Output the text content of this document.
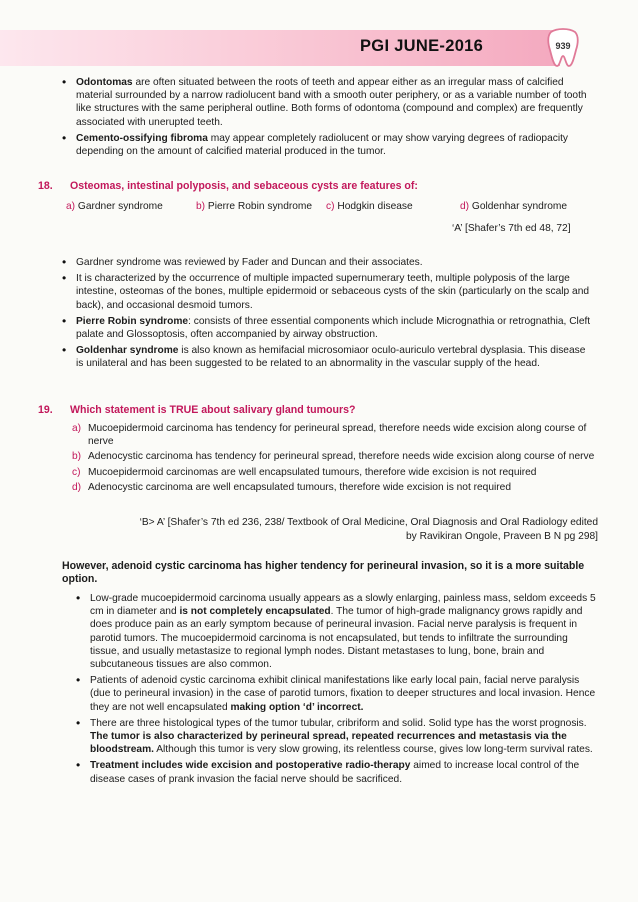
PGI JUNE-2016	939
• Odontomas are often situated between the roots of teeth and appear either as an irregular mass of calcified material surrounded by a narrow radiolucent band with a smooth outer periphery, or as a variable number of tooth like structures with the same peripheral outline. Both forms of odontoma (compound and complex) are frequently associated with unerupted teeth.
• Cemento-ossifying fibroma may appear completely radiolucent or may show varying degrees of radiopacity depending on the amount of calcified material produced in the tumor.
18. Osteomas, intestinal polyposis, and sebaceous cysts are features of:
a) Gardner syndrome	b) Pierre Robin syndrome c) Hodgkin disease	d) Goldenhar syndrome
‘A’ [Shafer’s 7th ed 48, 72]
• Gardner syndrome was reviewed by Fader and Duncan and their associates.
• It is characterized by the occurrence of multiple impacted supernumerary teeth, multiple polyposis of the large intestine, osteomas of the bones, multiple epidermoid or sebaceous cysts of the skin (particularly on the scalp and back), and occasional desmoid tumors.
• Pierre Robin syndrome: consists of three essential components which include Micrognathia or retrognathia, Cleft palate and Glossoptosis, often accompanied by airway obstruction.
• Goldenhar syndrome is also known as hemifacial microsomiaor oculo-auriculo vertebral dysplasia. This disease is unilateral and has been suggested to be related to an abnormality in the vascular supply of the head.
19. Which statement is TRUE about salivary gland tumours?
a) Mucoepidermoid carcinoma has tendency for perineural spread, therefore needs wide excision along course of nerve
b) Adenocystic carcinoma has tendency for perineural spread, therefore needs wide excision along course of nerve
c) Mucoepidermoid carcinomas are well encapsulated tumours, therefore wide excision is not required
d) Adenocystic carcinoma are well encapsulated tumours, therefore wide excision is not required
‘B> A’ [Shafer’s 7th ed 236, 238/ Textbook of Oral Medicine, Oral Diagnosis and Oral Radiology edited
by Ravikiran Ongole, Praveen B N pg 298]
However, adenoid cystic carcinoma has higher tendency for perineural invasion, so it is a more suitable option.
• Low-grade mucoepidermoid carcinoma usually appears as a slowly enlarging, painless mass, seldom exceeds 5 cm in diameter and is not completely encapsulated. The tumor of high-grade malignancy grows rapidly and does produce pain as an early symptom because of perineural invasion. Facial nerve paralysis is frequent in parotid tumors. The mucoepidermoid carcinoma is not encapsulated, but tends to infiltrate the surrounding tissue, and usually metastasize to regional lymph nodes. Distant metastases to lung, bone, brain and subcutaneous tissues are also common.
• Patients of adenoid cystic carcinoma exhibit clinical manifestations like early local pain, facial nerve paralysis (due to perineural invasion) in the case of parotid tumors, fixation to deeper structures and local invasion. Hence they are not well encapsulated making option ‘d’ incorrect.
• There are three histological types of the tumor tubular, cribriform and solid. Solid type has the worst prognosis. The tumor is also characterized by perineural spread, repeated recurrences and metastasis via the bloodstream. Although this tumor is very slow growing, its relentless course, gives low long-term survival rates.
• Treatment includes wide excision and postoperative radio-therapy aimed to increase local control of the disease cases of prank invasion the facial nerve should be sacrificed.
